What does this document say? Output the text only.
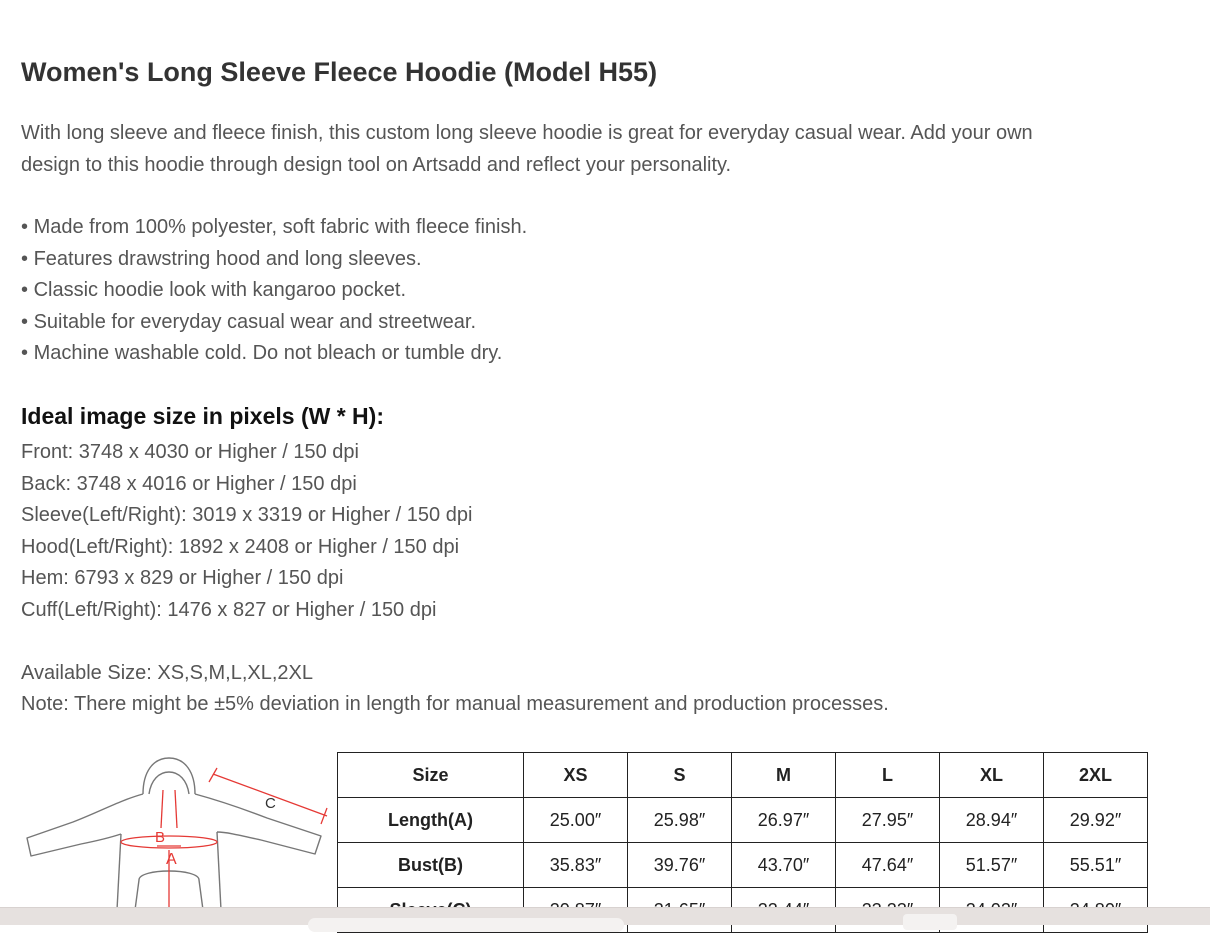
Women's Long Sleeve Fleece Hoodie (Model H55)

With long sleeve and fleece finish, this custom long sleeve hoodie is great for everyday casual wear. Add your own design to this hoodie through design tool on Artsadd and reflect your personality.

• Made from 100% polyester, soft fabric with fleece finish.
• Features drawstring hood and long sleeves.
• Classic hoodie look with kangaroo pocket.
• Suitable for everyday casual wear and streetwear.
• Machine washable cold. Do not bleach or tumble dry.
Ideal image size in pixels (W * H):
Front: 3748 x 4030 or Higher / 150 dpi
Back: 3748 x 4016 or Higher / 150 dpi
Sleeve(Left/Right): 3019 x 3319 or Higher / 150 dpi
Hood(Left/Right): 1892 x 2408 or Higher / 150 dpi
Hem: 6793 x 829 or Higher / 150 dpi
Cuff(Left/Right): 1476 x 827 or Higher / 150 dpi
Available Size: XS,S,M,L,XL,2XL
Note: There might be ±5% deviation in length for manual measurement and production processes.
C
B
A
Size	XS	S	M	L	XL	2XL
Length(A)	25.00″	25.98″	26.97″	27.95″	28.94″	29.92″
Bust(B)	35.83″	39.76″	43.70″	47.64″	51.57″	55.51″
